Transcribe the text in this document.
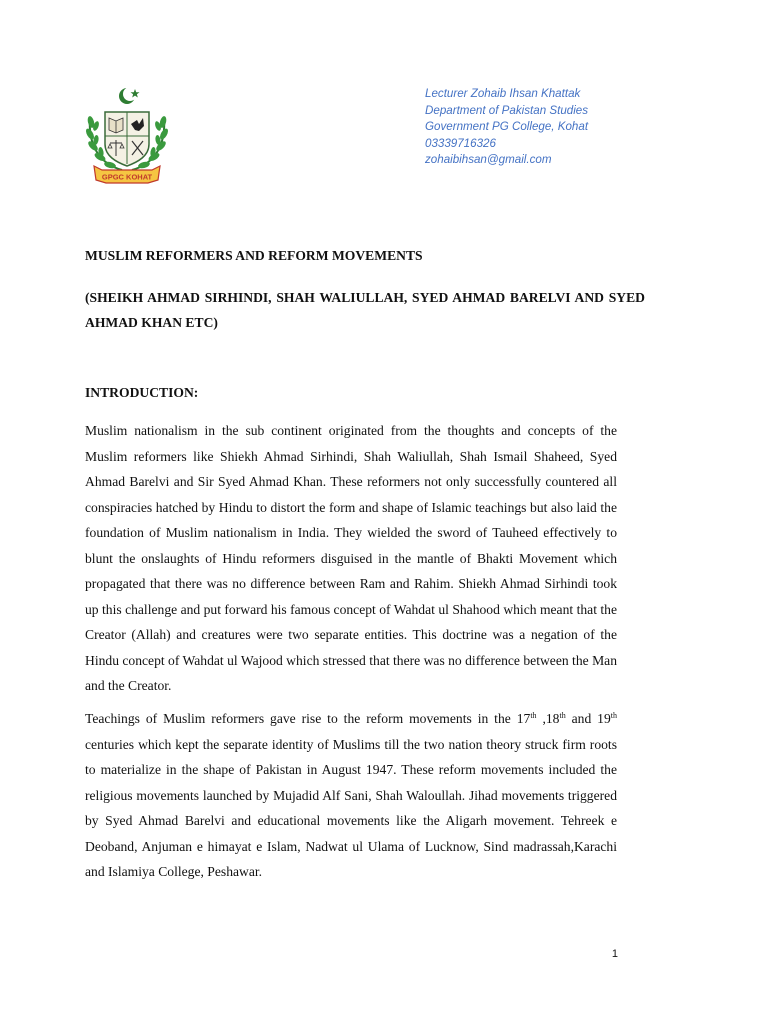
GPGC KOHAT
Lecturer Zohaib Ihsan Khattak
Department of Pakistan Studies
Government PG College, Kohat
03339716326
zohaibihsan@gmail.com
MUSLIM REFORMERS AND REFORM MOVEMENTS
(SHEIKH AHMAD SIRHINDI, SHAH WALIULLAH, SYED AHMAD BARELVI AND SYED AHMAD KHAN ETC)
INTRODUCTION:

Muslim nationalism in the sub continent originated from the thoughts and concepts of the Muslim reformers like Shiekh Ahmad Sirhindi, Shah Waliullah, Shah Ismail Shaheed, Syed Ahmad Barelvi and Sir Syed Ahmad Khan. These reformers not only successfully countered all conspiracies hatched by Hindu to distort the form and shape of Islamic teachings but also laid the foundation of Muslim nationalism in India. They wielded the sword of Tauheed effectively to blunt the onslaughts of Hindu reformers disguised in the mantle of Bhakti Movement which propagated that there was no difference between Ram and Rahim. Shiekh Ahmad Sirhindi took up this challenge and put forward his famous concept of Wahdat ul Shahood which meant that the Creator (Allah) and creatures were two separate entities. This doctrine was a negation of the Hindu concept of Wahdat ul Wajood which stressed that there was no difference between the Man and the Creator.

Teachings of Muslim reformers gave rise to the reform movements in the 17th ,18th and 19th centuries which kept the separate identity of Muslims till the two nation theory struck firm roots to materialize in the shape of Pakistan in August 1947. These reform movements included the religious movements launched by Mujadid Alf Sani, Shah Waloullah. Jihad movements triggered by Syed Ahmad Barelvi and educational movements like the Aligarh movement. Tehreek e Deoband, Anjuman e himayat e Islam, Nadwat ul Ulama of Lucknow, Sind madrassah,Karachi and Islamiya College, Peshawar.

1
